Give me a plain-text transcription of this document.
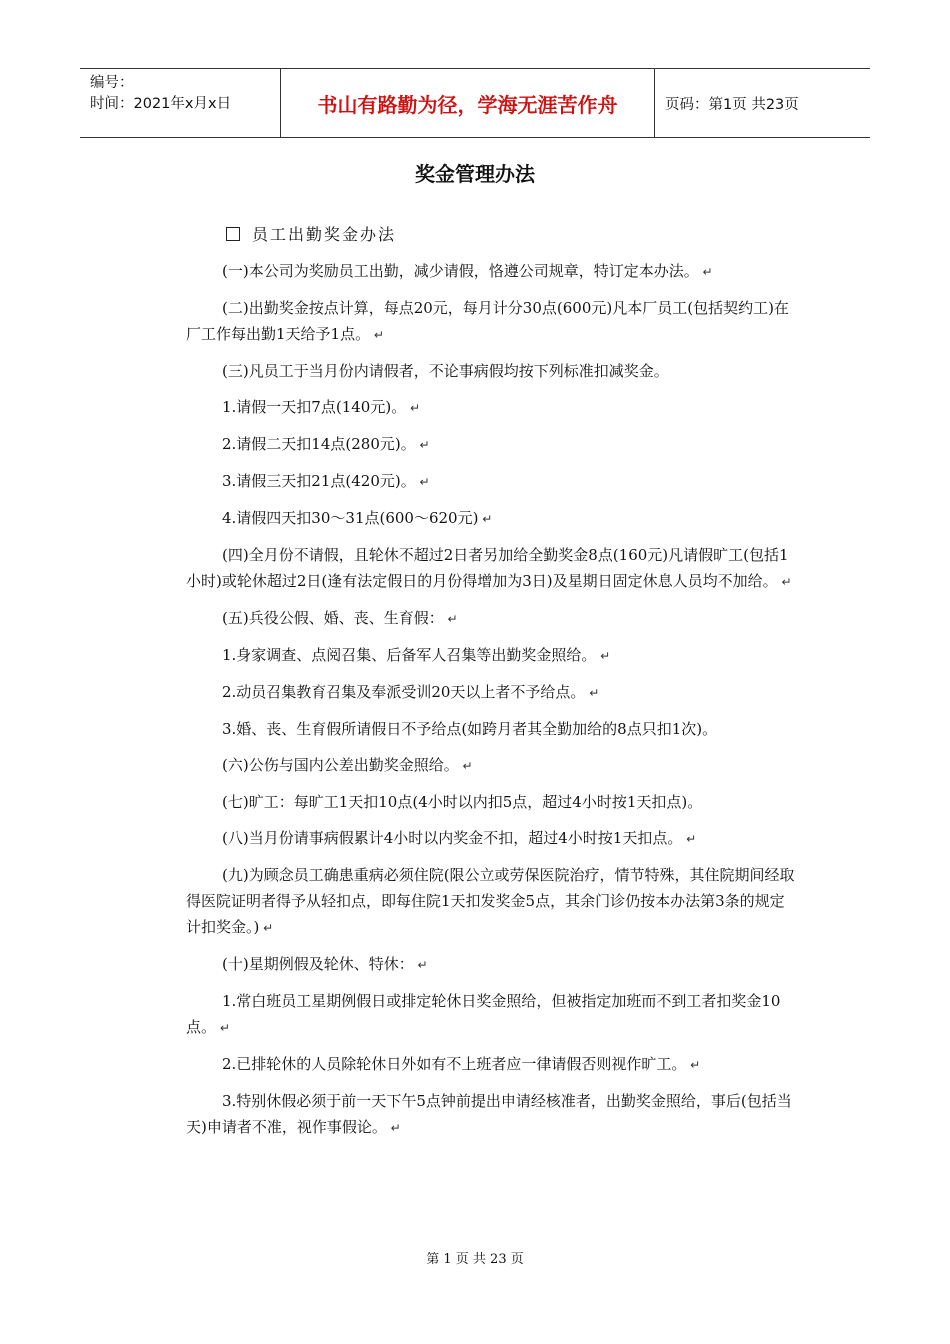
编号：
时间：2021年x月x日	书山有路勤为径，学海无涯苦作舟	页码：第1页 共23页
奖金管理办法
员工出勤奖金办法

(一)本公司为奖励员工出勤，减少请假，恪遵公司规章，特订定本办法。 ↵

(二)出勤奖金按点计算，每点20元，每月计分30点(600元)凡本厂员工(包括契约工)在厂工作每出勤1天给予1点。 ↵

(三)凡员工于当月份内请假者，不论事病假均按下列标准扣减奖金。

1.请假一天扣7点(140元)。 ↵

2.请假二天扣14点(280元)。 ↵

3.请假三天扣21点(420元)。 ↵

4.请假四天扣30～31点(600～620元) ↵

(四)全月份不请假，且轮休不超过2日者另加给全勤奖金8点(160元)凡请假旷工(包括1小时)或轮休超过2日(逢有法定假日的月份得增加为3日)及星期日固定休息人员均不加给。 ↵

(五)兵役公假、婚、丧、生育假： ↵

1.身家调查、点阅召集、后备军人召集等出勤奖金照给。 ↵

2.动员召集教育召集及奉派受训20天以上者不予给点。 ↵

3.婚、丧、生育假所请假日不予给点(如跨月者其全勤加给的8点只扣1次)。

(六)公伤与国内公差出勤奖金照给。 ↵

(七)旷工：每旷工1天扣10点(4小时以内扣5点，超过4小时按1天扣点)。

(八)当月份请事病假累计4小时以内奖金不扣，超过4小时按1天扣点。 ↵

(九)为顾念员工确患重病必须住院(限公立或劳保医院治疗，情节特殊，其住院期间经取得医院证明者得予从轻扣点，即每住院1天扣发奖金5点，其余门诊仍按本办法第3条的规定计扣奖金。) ↵

(十)星期例假及轮休、特休： ↵

1.常白班员工星期例假日或排定轮休日奖金照给，但被指定加班而不到工者扣奖金10点。 ↵

2.已排轮休的人员除轮休日外如有不上班者应一律请假否则视作旷工。 ↵

3.特别休假必须于前一天下午5点钟前提出申请经核准者，出勤奖金照给，事后(包括当天)申请者不准，视作事假论。 ↵

第 1 页 共 23 页
